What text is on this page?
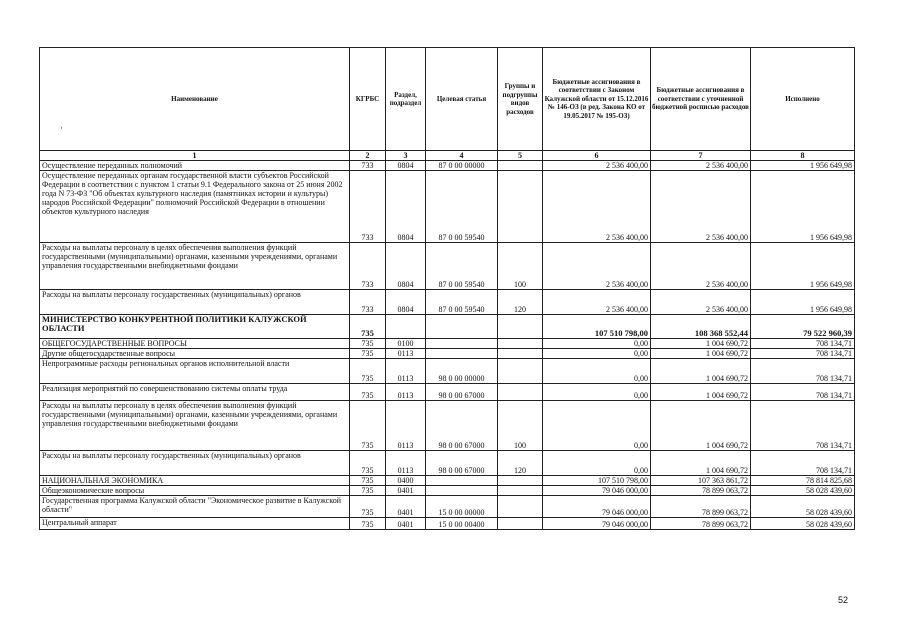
Наименование	КГРБС	Раздел, подраздел	Целевая статья	Группы и подгруппы видов расходов	Бюджетные ассигнования в соответствии с Законом Калужской области от 15.12.2016 № 146-ОЗ (в ред. Закона КО от 19.05.2017 № 195-ОЗ)	Бюджетные ассигнования в соответствии с уточненной бюджетной росписью расходов	Исполнено
1	2	3	4	5	6	7	8
Осуществление переданных полномочий	733	0804	87 0 00 00000		2 536 400,00	2 536 400,00	1 956 649,98
Осуществление переданных органам государственной власти субъектов Российской Федерации в соответствии с пунктом 1 статьи 9.1 Федерального закона от 25 июня 2002 года N 73-ФЗ "Об объектах культурного наследия (памятниках истории и культуры) народов Российской Федерации" полномочий Российской Федерации в отношении объектов культурного наследия	733	0804	87 0 00 59540		2 536 400,00	2 536 400,00	1 956 649,98
Расходы на выплаты персоналу в целях обеспечения выполнения функций государственными (муниципальными) органами, казенными учреждениями, органами управления государственными внебюджетными фондами	733	0804	87 0 00 59540	100	2 536 400,00	2 536 400,00	1 956 649,98
Расходы на выплаты персоналу государственных (муниципальных) органов	733	0804	87 0 00 59540	120	2 536 400,00	2 536 400,00	1 956 649,98
МИНИСТЕРСТВО КОНКУРЕНТНОЙ ПОЛИТИКИ КАЛУЖСКОЙ ОБЛАСТИ	735				107 510 798,00	108 368 552,44	79 522 960,39
ОБЩЕГОСУДАРСТВЕННЫЕ ВОПРОСЫ	735	0100			0,00	1 004 690,72	708 134,71
Другие общегосударственные вопросы	735	0113			0,00	1 004 690,72	708 134,71
Непрограммные расходы региональных органов исполнительной власти	735	0113	98 0 00 00000		0,00	1 004 690,72	708 134,71
Реализация мероприятий по совершенствованию системы оплаты труда	735	0113	98 0 00 67000		0,00	1 004 690,72	708 134,71
Расходы на выплаты персоналу в целях обеспечения выполнения функций государственными (муниципальными) органами, казенными учреждениями, органами управления государственными внебюджетными фондами	735	0113	98 0 00 67000	100	0,00	1 004 690,72	708 134,71
Расходы на выплаты персоналу государственных (муниципальных) органов	735	0113	98 0 00 67000	120	0,00	1 004 690,72	708 134,71
НАЦИОНАЛЬНАЯ ЭКОНОМИКА	735	0400			107 510 798,00	107 363 861,72	78 814 825,68
Общеэкономические вопросы	735	0401			79 046 000,00	78 899 063,72	58 028 439,60
Государственная программа Калужской области "Экономическое развитие в Калужской области"	735	0401	15 0 00 00000		79 046 000,00	78 899 063,72	58 028 439,60
Центральный аппарат	735	0401	15 0 00 00400		79 046 000,00	78 899 063,72	58 028 439,60
›
52
